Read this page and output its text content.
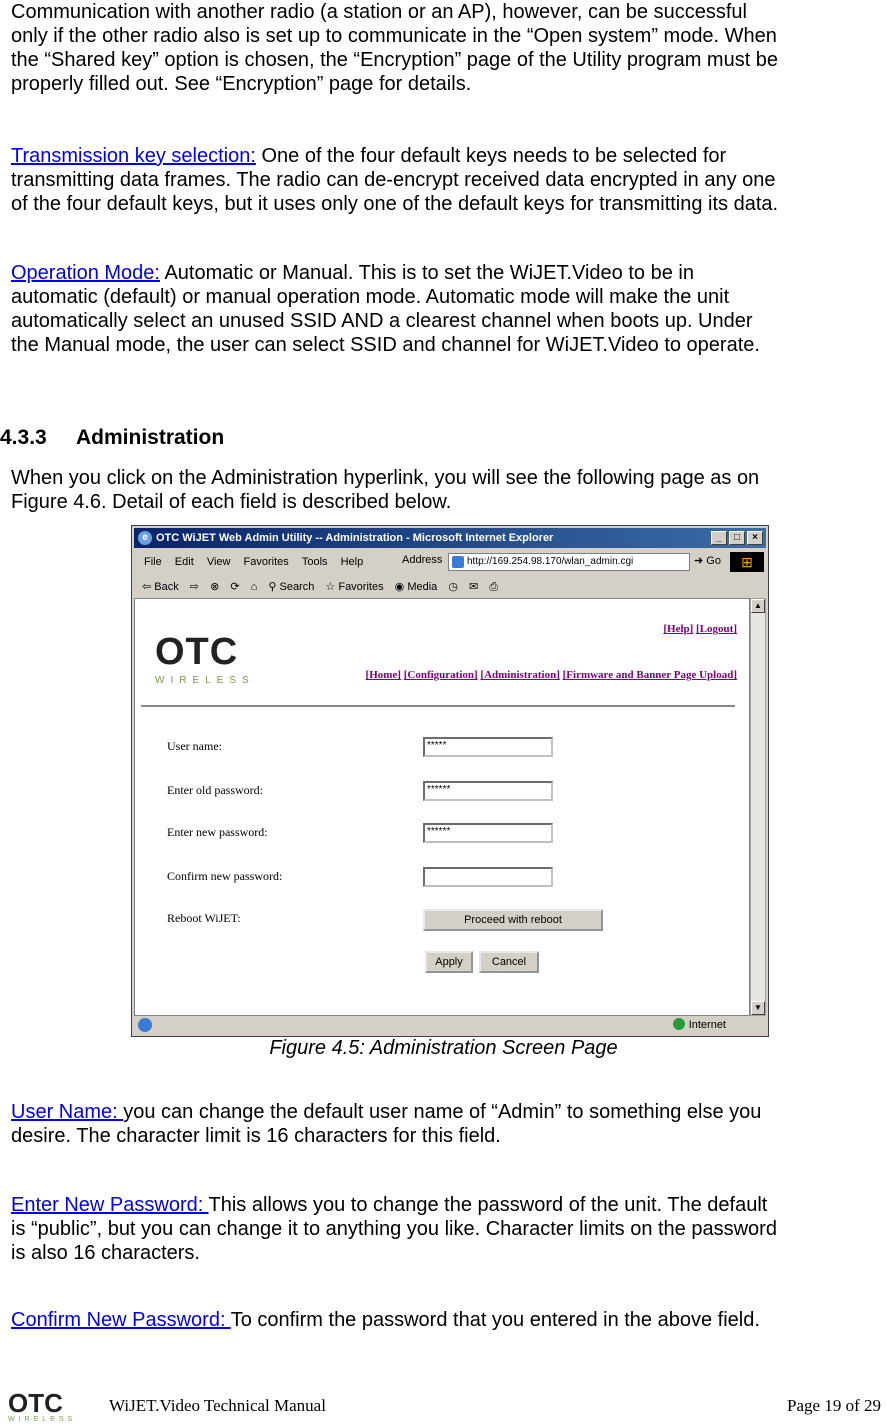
Communication with another radio (a station or an AP), however, can be successful
only if the other radio also is set up to communicate in the “Open system” mode. When
the “Shared key” option is chosen, the “Encryption” page of the Utility program must be
properly filled out. See “Encryption” page for details.
Transmission key selection: One of the four default keys needs to be selected for
transmitting data frames. The radio can de-encrypt received data encrypted in any one
of the four default keys, but it uses only one of the default keys for transmitting its data.
Operation Mode: Automatic or Manual. This is to set the WiJET.Video to be in
automatic (default) or manual operation mode. Automatic mode will make the unit
automatically select an unused SSID AND a clearest channel when boots up. Under
the Manual mode, the user can select SSID and channel for WiJET.Video to operate.
4.3.3 Administration
When you click on the Administration hyperlink, you will see the following page as on
Figure 4.6. Detail of each field is described below.
e OTC WiJET Web Admin Utility -- Administration - Microsoft Internet Explorer	_	□	×
File Edit View Favorites Tools Help	Address	http://169.254.98.170/wlan_admin.cgi	➜ Go	⊞
⇦ Back ⇨ ⊗ ⟳ ⌂ ⚲ Search ☆ Favorites ◉ Media ◷ ✉ ⎙
OTC
WIRELESS
[Help] [Logout]
[Home] [Configuration] [Administration] [Firmware and Banner Page Upload]
User name:	*****
Enter old password:	******
Enter new password:	******
Confirm new password:
Reboot WiJET:	Proceed with reboot
Apply	Cancel
▲
▼
Internet
Figure 4.5: Administration Screen Page
User Name: you can change the default user name of “Admin” to something else you
desire. The character limit is 16 characters for this field.
Enter New Password: This allows you to change the password of the unit. The default
is “public”, but you can change it to anything you like. Character limits on the password
is also 16 characters.
Confirm New Password: To confirm the password that you entered in the above field.
OTC
WIRELESS
WiJET.Video Technical Manual	Page 19 of 29
